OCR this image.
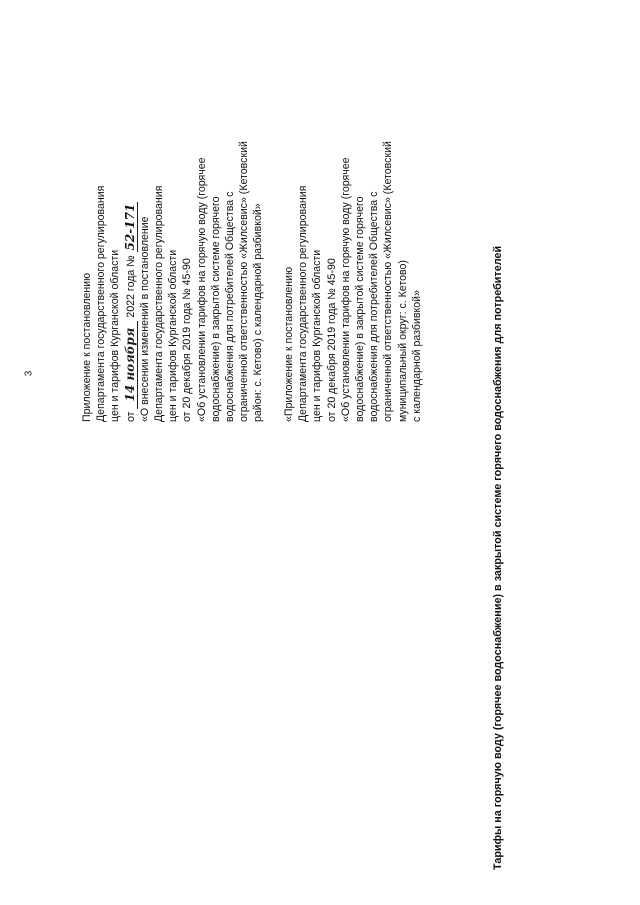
3	Приложение к постановлению Департамента государственного регулирования цен и тарифов Курганской области от 14 ноября 2022 года № 52-171 «О внесении изменений в постановление Департамента государственного регулирования цен и тарифов Курганской области от 20 декабря 2019 года № 45-90 «Об установлении тарифов на горячую воду (горячее водоснабжение) в закрытой системе горячего водоснабжения для потребителей Общества с ограниченной ответственностью «Жилсевис» (Кетовский район: с. Кетово) с календарной разбивкой» «Приложение к постановлению Департамента государственного регулирования цен и тарифов Курганской области от 20 декабря 2019 года № 45-90 «Об установлении тарифов на горячую воду (горячее водоснабжение) в закрытой системе горячего водоснабжения для потребителей Общества с ограниченной ответственностью «Жилсевис» (Кетовский муниципальный округ: с. Кетово) с календарной разбивкой»	Тарифы на горячую воду (горячее водоснабжение) в закрытой системе горячего водоснабжения для потребителей
